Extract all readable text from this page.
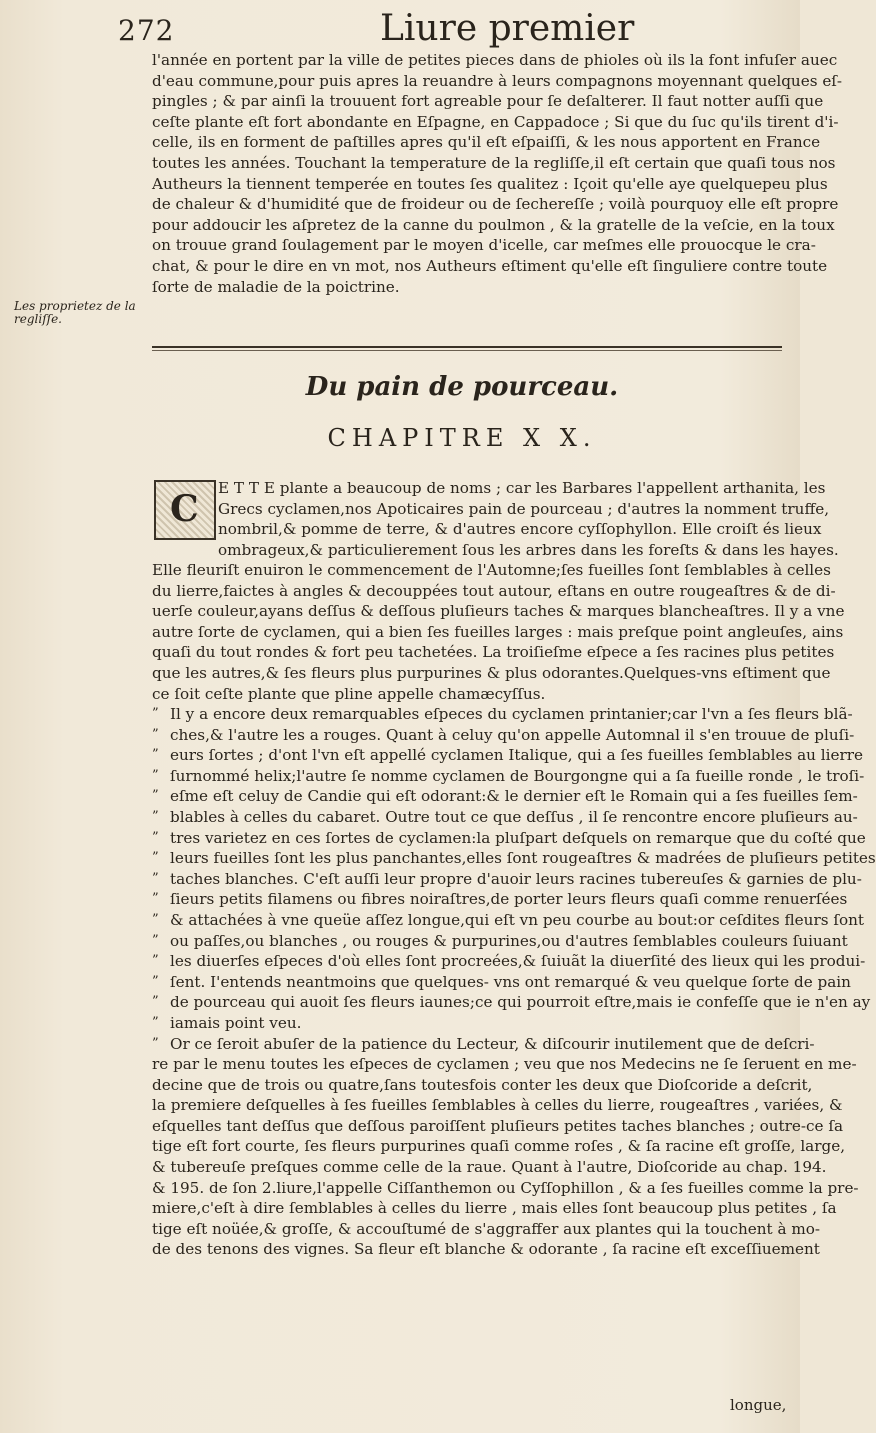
272	Liure premier
l'année en portent par la ville de petites pieces dans de phioles où ils la font infuſer auec
d'eau commune,pour puis apres la reuandre à leurs compagnons moyennant quelques eſ-
pingles ; & par ainſi la trouuent fort agreable pour ſe deſalterer. Il faut notter auſſi que
ceſte plante eſt fort abondante en Eſpagne, en Cappadoce ; Si que du ſuc qu'ils tirent d'i-
celle, ils en forment de paſtilles apres qu'il eſt eſpaiſſi, & les nous apportent en France
toutes les années. Touchant la temperature de la regliſſe,il eſt certain que quaſi tous nos
Autheurs la tiennent temperée en toutes ſes qualitez : Içoit qu'elle aye quelquepeu plus
de chaleur & d'humidité que de froideur ou de ſechereſſe ; voilà pourquoy elle eſt propre
pour addoucir les aſpretez de la canne du poulmon , & la gratelle de la veſcie, en la toux
on trouue grand ſoulagement par le moyen d'icelle, car meſmes elle prouocque le cra-
chat, & pour le dire en vn mot, nos Autheurs eſtiment qu'elle eſt ſinguliere contre toute
ſorte de maladie de la poictrine.
Les proprietez de la regliſſe.
Du pain de pourceau.
CHAPITRE X X.
C E T T E plante a beaucoup de noms ; car les Barbares l'appellent arthanita, les
Grecs cyclamen,nos Apoticaires pain de pourceau ; d'autres la nomment truffe,
nombril,& pomme de terre, & d'autres encore cyſſophyllon. Elle croiſt és lieux
ombrageux,& particulierement ſous les arbres dans les foreſts & dans les hayes.
Elle fleuriſt enuiron le commencement de l'Automne;ſes fueilles ſont ſemblables à celles
du lierre,faictes à angles & decouppées tout autour, eſtans en outre rougeaſtres & de di-
uerſe couleur,ayans deſſus & deſſous pluſieurs taches & marques blancheaſtres. Il y a vne
autre ſorte de cyclamen, qui a bien ſes fueilles larges : mais preſque point angleuſes, ains
quaſi du tout rondes & fort peu tachetées. La troiſieſme eſpece a ſes racines plus petites
que les autres,& ſes fleurs plus purpurines & plus odorantes.Quelques-vns eſtiment que
ce ſoit ceſte plante que pline appelle chamæcyſſus.
” Il y a encore deux remarquables eſpeces du cyclamen printanier;car l'vn a ſes fleurs blã-
” ches,& l'autre les a rouges. Quant à celuy qu'on appelle Automnal il s'en trouue de pluſi-
” eurs ſortes ; d'ont l'vn eſt appellé cyclamen Italique, qui a ſes fueilles ſemblables au lierre
” ſurnommé helix;l'autre ſe nomme cyclamen de Bourgongne qui a ſa fueille ronde , le troſi-
” eſme eſt celuy de Candie qui eſt odorant:& le dernier eſt le Romain qui a ſes fueilles ſem-
” blables à celles du cabaret. Outre tout ce que deſſus , il ſe rencontre encore pluſieurs au-
” tres varietez en ces ſortes de cyclamen:la pluſpart deſquels on remarque que du coſté que
” leurs fueilles ſont les plus panchantes,elles ſont rougeaſtres & madrées de pluſieurs petites
” taches blanches. C'eſt auſſi leur propre d'auoir leurs racines tubereuſes & garnies de plu-
” ſieurs petits filamens ou fibres noiraſtres,de porter leurs fleurs quaſi comme renuerſées
” & attachées à vne queüe aſſez longue,qui eſt vn peu courbe au bout:or ceſdites fleurs ſont
” ou paſſes,ou blanches , ou rouges & purpurines,ou d'autres ſemblables couleurs ſuiuant
” les diuerſes eſpeces d'où elles ſont procreées,& ſuiuãt la diuerſité des lieux qui les produi-
” ſent. I'entends neantmoins que quelques- vns ont remarqué & veu quelque ſorte de pain
” de pourceau qui auoit ſes fleurs iaunes;ce qui pourroit eſtre,mais ie confeſſe que ie n'en ay
” iamais point veu.
” Or ce ſeroit abuſer de la patience du Lecteur, & diſcourir inutilement que de deſcri-
re par le menu toutes les eſpeces de cyclamen ; veu que nos Medecins ne ſe ſeruent en me-
decine que de trois ou quatre,ſans toutesfois conter les deux que Dioſcoride a deſcrit,
la premiere deſquelles à ſes fueilles ſemblables à celles du lierre, rougeaſtres , variées, &
eſquelles tant deſſus que deſſous paroiſſent pluſieurs petites taches blanches ; outre-ce ſa
tige eſt fort courte, ſes fleurs purpurines quaſi comme roſes , & ſa racine eſt groſſe, large,
& tubereuſe preſques comme celle de la raue. Quant à l'autre, Dioſcoride au chap. 194.
& 195. de ſon 2.liure,l'appelle Ciſſanthemon ou Cyſſophillon , & a ſes fueilles comme la pre-
miere,c'eſt à dire ſemblables à celles du lierre , mais elles ſont beaucoup plus petites , ſa
tige eſt noüée,& groſſe, & accouſtumé de s'aggraffer aux plantes qui la touchent à mo-
de des tenons des vignes. Sa fleur eſt blanche & odorante , ſa racine eſt exceſſiuement
longue,
